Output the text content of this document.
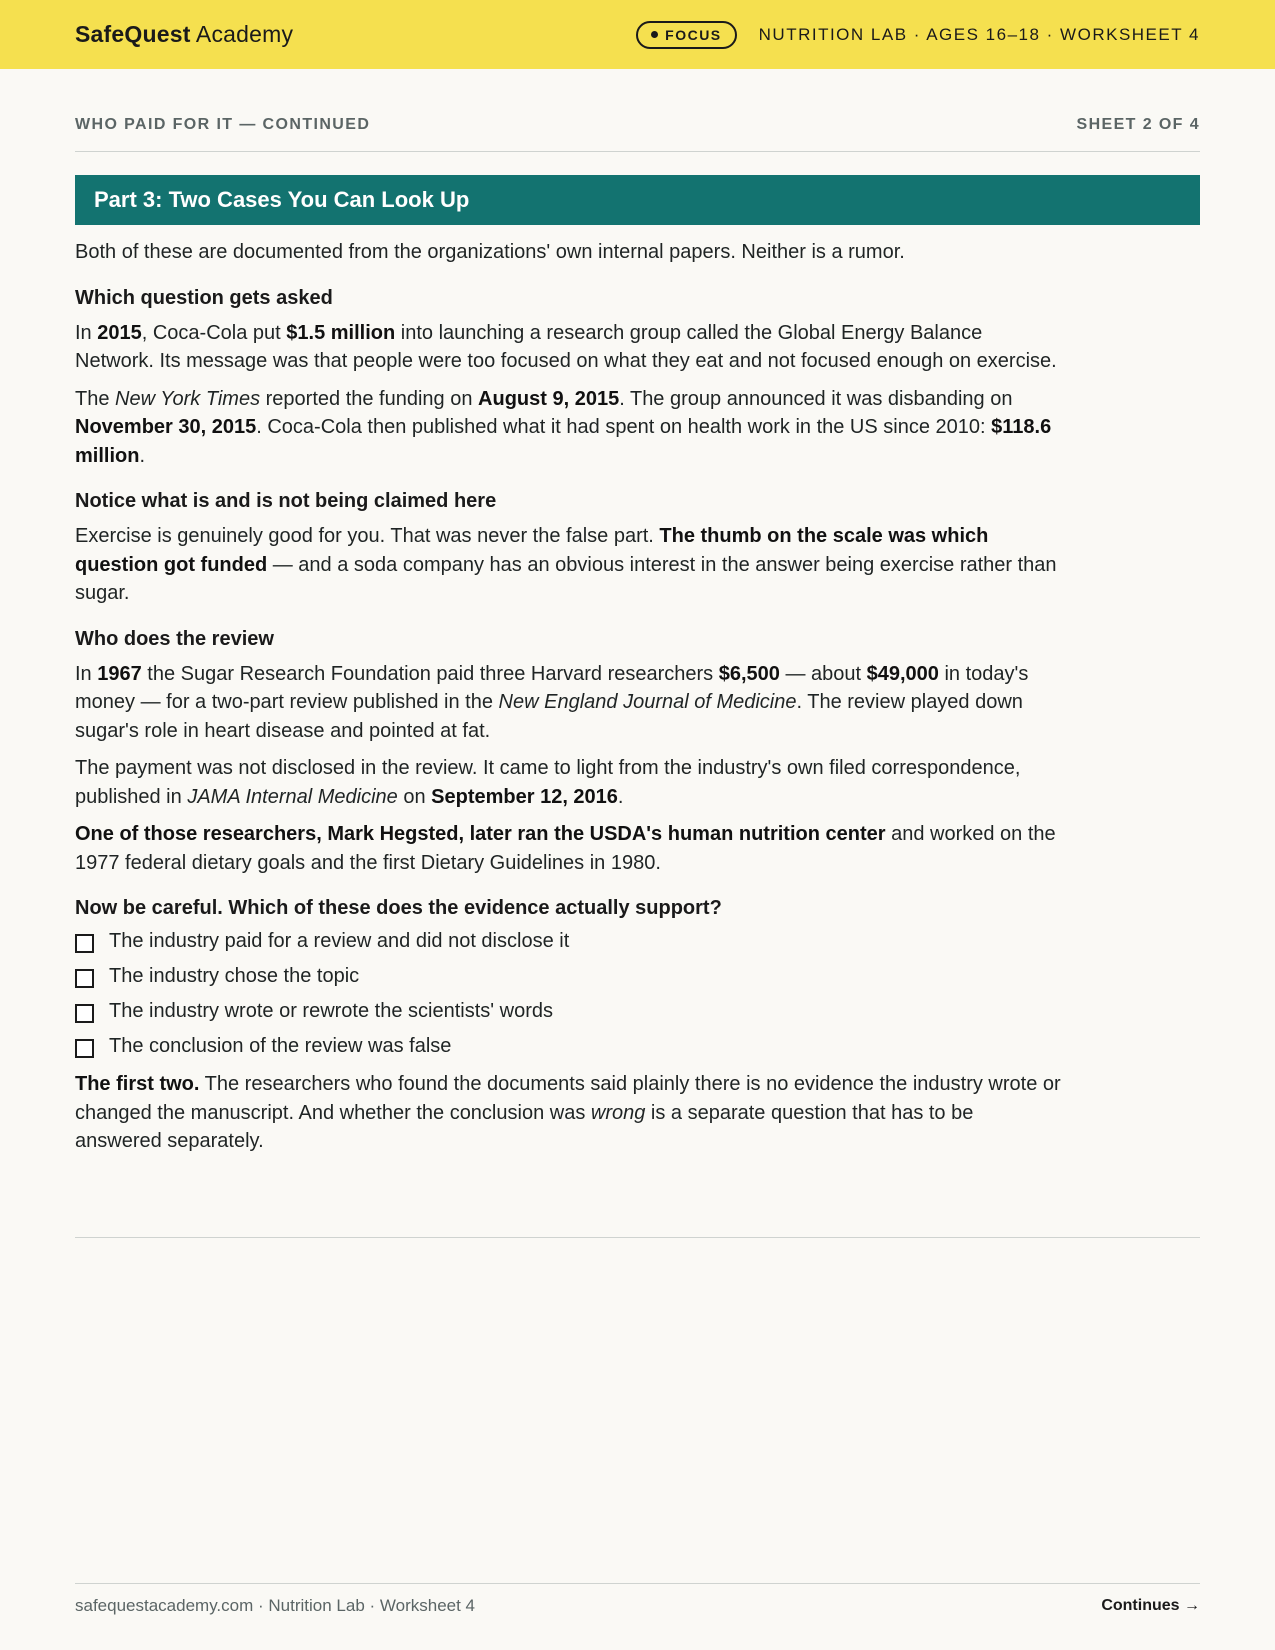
SafeQuest Academy	FOCUS NUTRITION LAB · AGES 16–18 · WORKSHEET 4
WHO PAID FOR IT — CONTINUED	SHEET 2 OF 4
Part 3: Two Cases You Can Look Up

Both of these are documented from the organizations' own internal papers. Neither is a rumor.

Which question gets asked

In 2015, Coca-Cola put $1.5 million into launching a research group called the Global Energy Balance Network. Its message was that people were too focused on what they eat and not focused enough on exercise.

The New York Times reported the funding on August 9, 2015. The group announced it was disbanding on November 30, 2015. Coca-Cola then published what it had spent on health work in the US since 2010: $118.6 million.

Notice what is and is not being claimed here

Exercise is genuinely good for you. That was never the false part. The thumb on the scale was which question got funded — and a soda company has an obvious interest in the answer being exercise rather than sugar.

Who does the review

In 1967 the Sugar Research Foundation paid three Harvard researchers $6,500 — about $49,000 in today's money — for a two-part review published in the New England Journal of Medicine. The review played down sugar's role in heart disease and pointed at fat.

The payment was not disclosed in the review. It came to light from the industry's own filed correspondence, published in JAMA Internal Medicine on September 12, 2016.

One of those researchers, Mark Hegsted, later ran the USDA's human nutrition center and worked on the 1977 federal dietary goals and the first Dietary Guidelines in 1980.

Now be careful. Which of these does the evidence actually support?
The industry paid for a review and did not disclose it
The industry chose the topic
The industry wrote or rewrote the scientists' words
The conclusion of the review was false

The first two. The researchers who found the documents said plainly there is no evidence the industry wrote or changed the manuscript. And whether the conclusion was wrong is a separate question that has to be answered separately.

safequestacademy.com · Nutrition Lab · Worksheet 4	Continues →
